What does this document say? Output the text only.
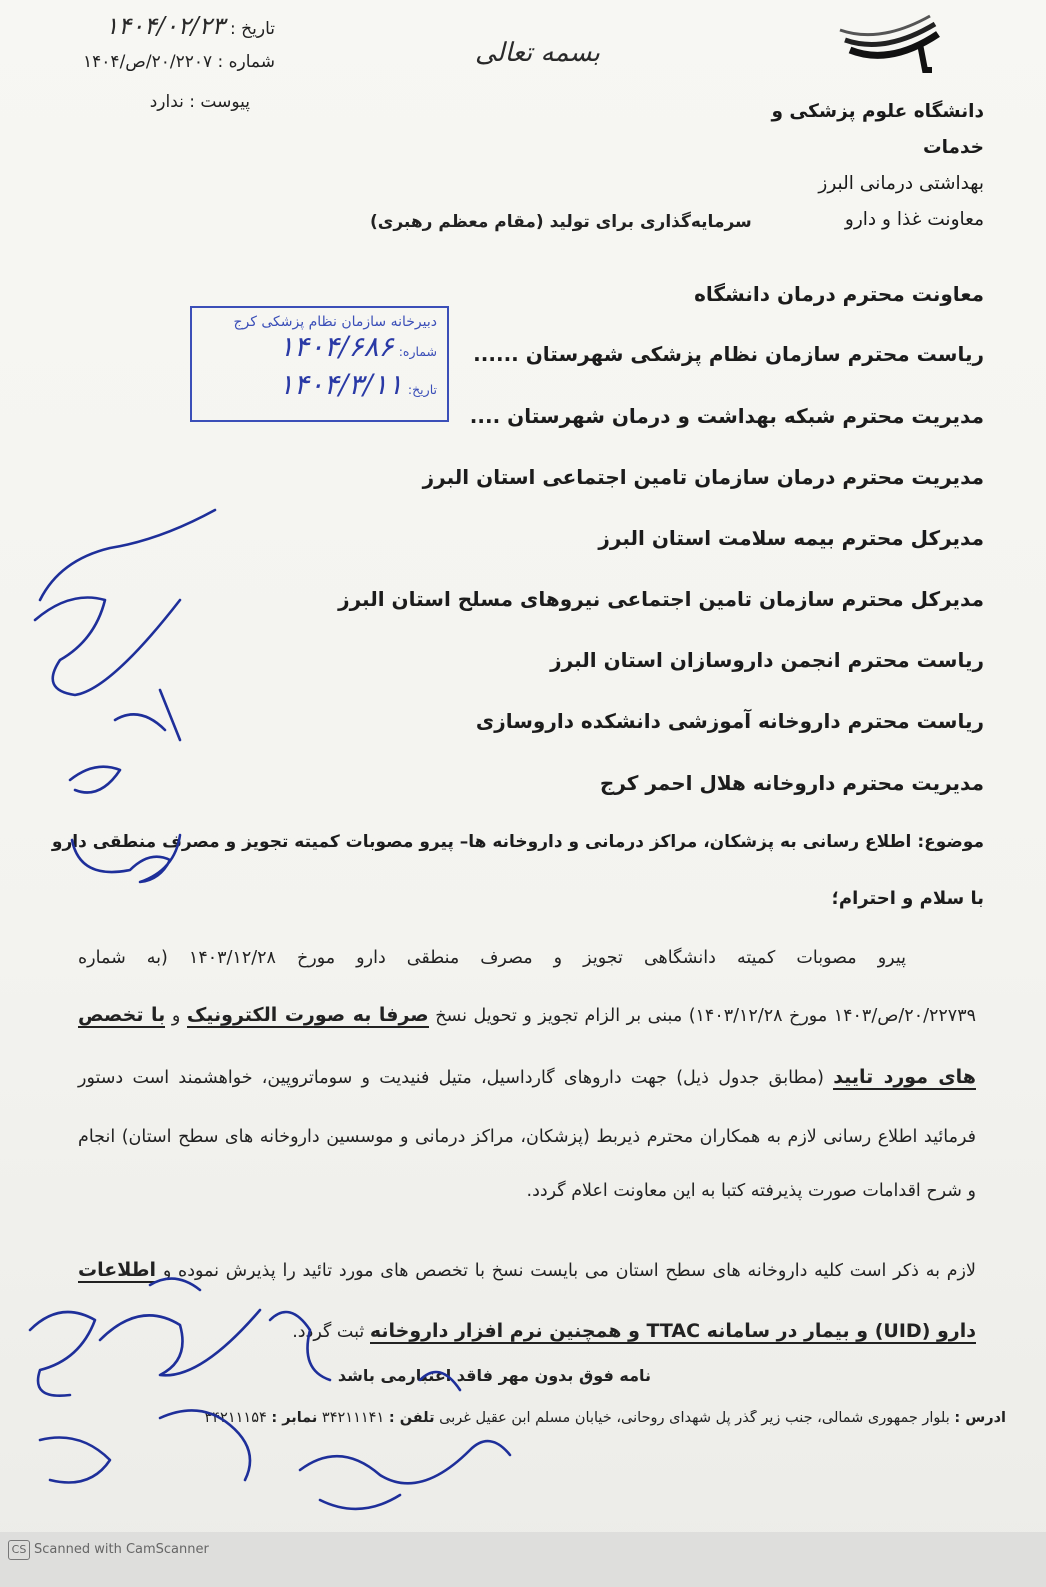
تاریخ : ۱۴۰۴/۰۲/۲۳
شماره : ۲۰/۲۲۰۷/ص/۱۴۰۴
پیوست : ندارد
بسمه تعالی
دانشگاه علوم پزشکی و خدمات
بهداشتی درمانی البرز
معاونت غذا و دارو
سرمایه‌گذاری برای تولید (مقام معظم رهبری)
دبیرخانه سازمان نظام پزشکی کرج
شماره: ۱۴۰۴/۶۸۶
تاریخ: ۱۴۰۴/۳/۱۱
معاونت محترم درمان دانشگاه
ریاست محترم سازمان نظام پزشکی شهرستان ......
مدیریت محترم شبکه بهداشت و درمان شهرستان ....
مدیریت محترم درمان سازمان تامین اجتماعی استان البرز
مدیرکل محترم بیمه سلامت استان البرز
مدیرکل محترم سازمان تامین اجتماعی نیروهای مسلح استان البرز
ریاست محترم انجمن داروسازان استان البرز
ریاست محترم داروخانه آموزشی دانشکده داروسازی
مدیریت محترم داروخانه هلال احمر کرج
موضوع: اطلاع رسانی به پزشکان، مراکز درمانی و داروخانه ها– پیرو مصوبات کمیته تجویز و مصرف منطقی دارو
با سلام و احترام؛
پیرو مصوبات کمیته دانشگاهی تجویز و مصرف منطقی دارو مورخ ۱۴۰۳/۱۲/۲۸ (به شماره
۲۰/۲۲۷۳۹/ص/۱۴۰۳ مورخ ۱۴۰۳/۱۲/۲۸) مبنی بر الزام تجویز و تحویل نسخ صرفا به صورت الکترونیک و با تخصص
های مورد تایید (مطابق جدول ذیل) جهت داروهای گارداسیل، متیل فنیدیت و سوماتروپین، خواهشمند است دستور
فرمائید اطلاع رسانی لازم به همکاران محترم ذیربط (پزشکان، مراکز درمانی و موسسین داروخانه های سطح استان) انجام
و شرح اقدامات صورت پذیرفته کتبا به این معاونت اعلام گردد.
لازم به ذکر است کلیه داروخانه های سطح استان می بایست نسخ با تخصص های مورد تائید را پذیرش نموده و اطلاعات
دارو (UID) و بیمار در سامانه TTAC و همچنین نرم افزار داروخانه ثبت گردد.
نامه فوق بدون مهر فاقد اعتبارمی باشد
آدرس : بلوار جمهوری شمالی، جنب زیر گذر پل شهدای روحانی، خیابان مسلم ابن عقیل غربی تلفن : ۳۴۲۱۱۱۴۱ نمابر : ۳۴۲۱۱۱۵۴
CS Scanned with CamScanner
